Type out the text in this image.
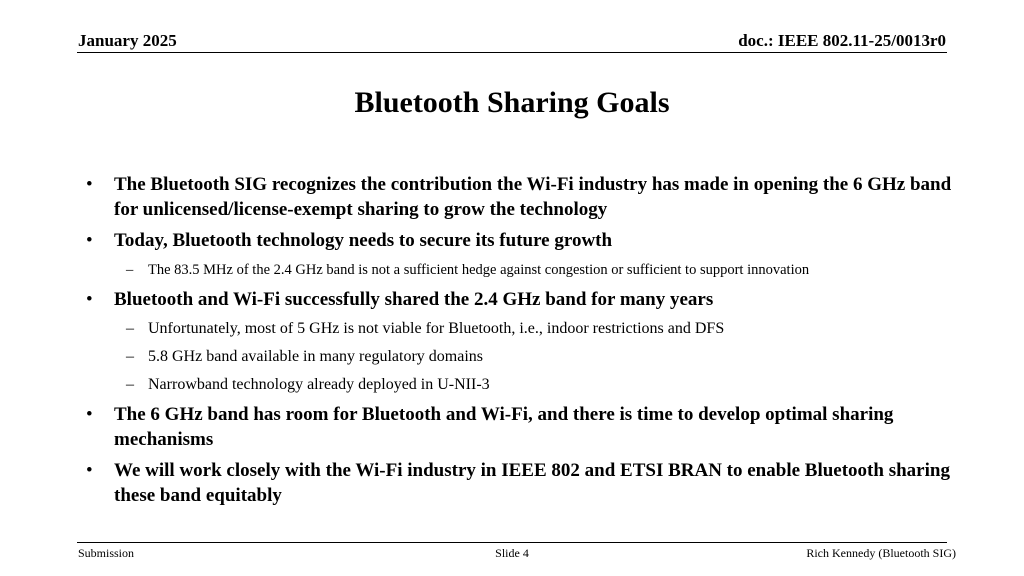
January 2025	doc.: IEEE 802.11-25/0013r0
Bluetooth Sharing Goals
• The Bluetooth SIG recognizes the contribution the Wi-Fi industry has made in opening the 6 GHz band for unlicensed/license-exempt sharing to grow the technology
• Today, Bluetooth technology needs to secure its future growth
– The 83.5 MHz of the 2.4 GHz band is not a sufficient hedge against congestion or sufficient to support innovation
• Bluetooth and Wi-Fi successfully shared the 2.4 GHz band for many years
– Unfortunately, most of 5 GHz is not viable for Bluetooth, i.e., indoor restrictions and DFS
– 5.8 GHz band available in many regulatory domains
– Narrowband technology already deployed in U-NII-3
• The 6 GHz band has room for Bluetooth and Wi-Fi, and there is time to develop optimal sharing mechanisms
• We will work closely with the Wi-Fi industry in IEEE 802 and ETSI BRAN to enable Bluetooth sharing these band equitably
Submission	Slide 4	Rich Kennedy (Bluetooth SIG)
